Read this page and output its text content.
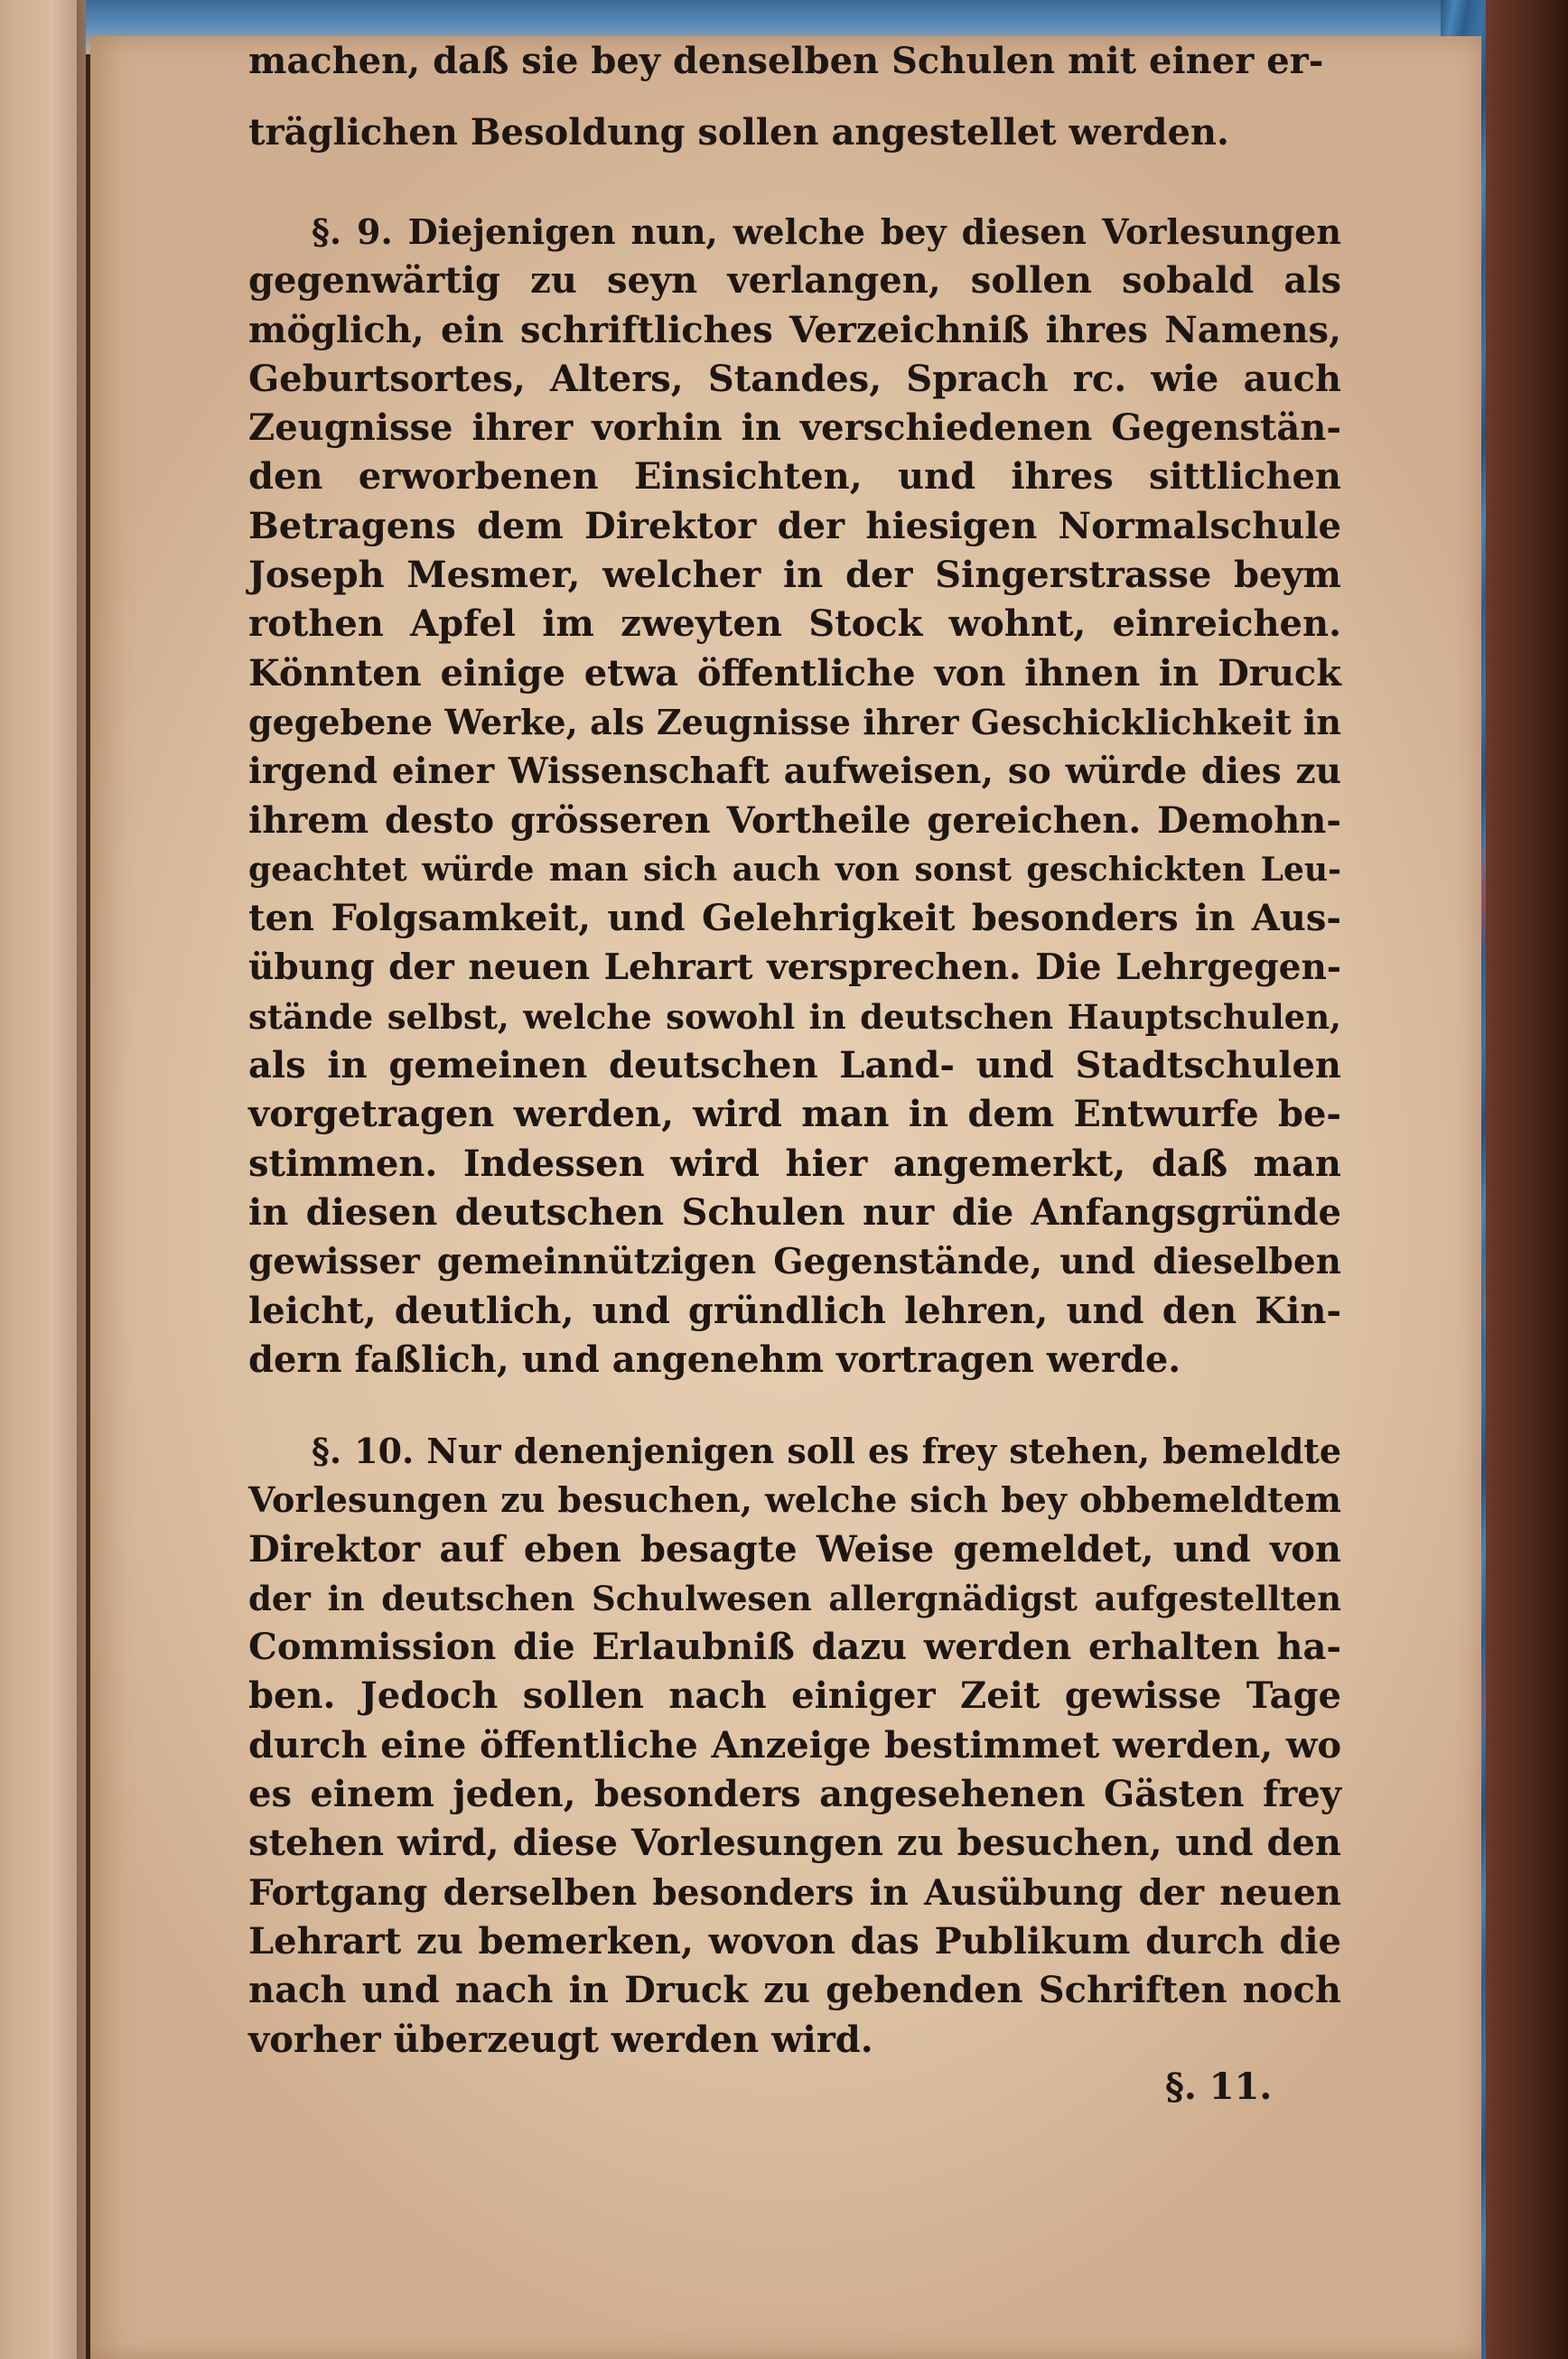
machen, daß sie bey denselben Schulen mit einer er-
träglichen Besoldung sollen angestellet werden.
§. 9. Diejenigen nun, welche bey diesen Vorlesungen
gegenwärtig zu seyn verlangen, sollen sobald als
möglich, ein schriftliches Verzeichniß ihres Namens,
Geburtsortes, Alters, Standes, Sprach rc. wie auch
Zeugnisse ihrer vorhin in verschiedenen Gegenstän-
den erworbenen Einsichten, und ihres sittlichen
Betragens dem Direktor der hiesigen Normalschule
Joseph Mesmer, welcher in der Singerstrasse beym
rothen Apfel im zweyten Stock wohnt, einreichen.
Könnten einige etwa öffentliche von ihnen in Druck
gegebene Werke, als Zeugnisse ihrer Geschicklichkeit in
irgend einer Wissenschaft aufweisen, so würde dies zu
ihrem desto grösseren Vortheile gereichen. Demohn-
geachtet würde man sich auch von sonst geschickten Leu-
ten Folgsamkeit, und Gelehrigkeit besonders in Aus-
übung der neuen Lehrart versprechen. Die Lehrgegen-
stände selbst, welche sowohl in deutschen Hauptschulen,
als in gemeinen deutschen Land- und Stadtschulen
vorgetragen werden, wird man in dem Entwurfe be-
stimmen. Indessen wird hier angemerkt, daß man
in diesen deutschen Schulen nur die Anfangsgründe
gewisser gemeinnützigen Gegenstände, und dieselben
leicht, deutlich, und gründlich lehren, und den Kin-
dern faßlich, und angenehm vortragen werde.
§. 10. Nur denenjenigen soll es frey stehen, bemeldte
Vorlesungen zu besuchen, welche sich bey obbemeldtem
Direktor auf eben besagte Weise gemeldet, und von
der in deutschen Schulwesen allergnädigst aufgestellten
Commission die Erlaubniß dazu werden erhalten ha-
ben. Jedoch sollen nach einiger Zeit gewisse Tage
durch eine öffentliche Anzeige bestimmet werden, wo
es einem jeden, besonders angesehenen Gästen frey
stehen wird, diese Vorlesungen zu besuchen, und den
Fortgang derselben besonders in Ausübung der neuen
Lehrart zu bemerken, wovon das Publikum durch die
nach und nach in Druck zu gebenden Schriften noch
vorher überzeugt werden wird.
§. 11.
